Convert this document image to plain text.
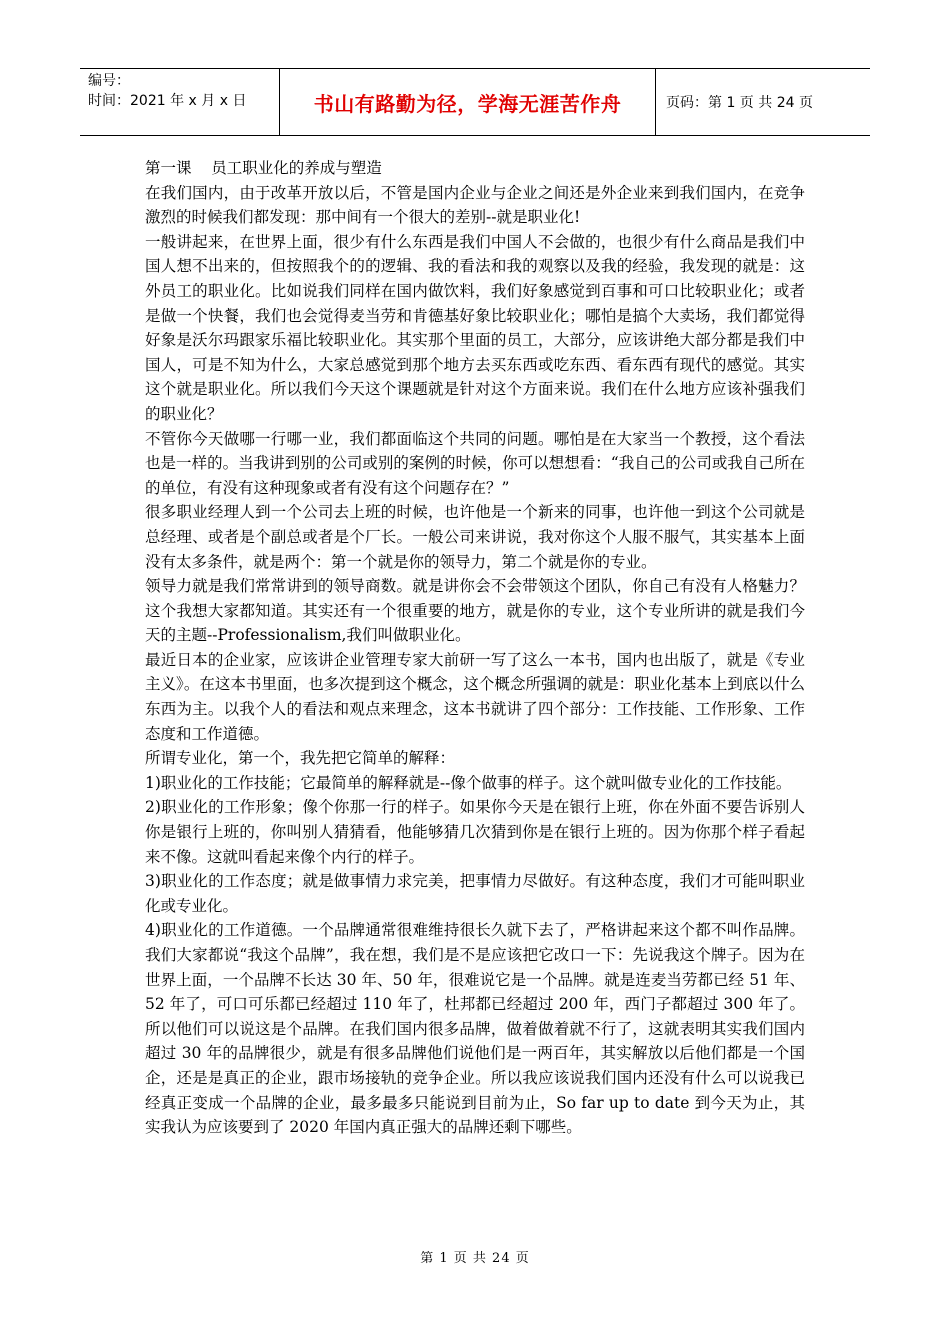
编号：
时间：2021 年 x 月 x 日	书山有路勤为径，学海无涯苦作舟	页码：第 1 页 共 24 页

第一课    员工职业化的养成与塑造

在我们国内，由于改革开放以后，不管是国内企业与企业之间还是外企业来到我们国内，在竞争激烈的时候我们都发现：那中间有一个很大的差别--就是职业化!

一般讲起来，在世界上面，很少有什么东西是我们中国人不会做的，也很少有什么商品是我们中国人想不出来的，但按照我个的的逻辑、我的看法和我的观察以及我的经验，我发现的就是：这外员工的职业化。比如说我们同样在国内做饮料，我们好象感觉到百事和可口比较职业化；或者是做一个快餐，我们也会觉得麦当劳和肯德基好象比较职业化；哪怕是搞个大卖场，我们都觉得好象是沃尔玛跟家乐福比较职业化。其实那个里面的员工，大部分，应该讲绝大部分都是我们中国人，可是不知为什么，大家总感觉到那个地方去买东西或吃东西、看东西有现代的感觉。其实这个就是职业化。所以我们今天这个课题就是针对这个方面来说。我们在什么地方应该补强我们的职业化？

不管你今天做哪一行哪一业，我们都面临这个共同的问题。哪怕是在大家当一个教授，这个看法也是一样的。当我讲到别的公司或别的案例的时候，你可以想想看：“我自己的公司或我自己所在的单位，有没有这种现象或者有没有这个问题存在？”

很多职业经理人到一个公司去上班的时候，也许他是一个新来的同事，也许他一到这个公司就是总经理、或者是个副总或者是个厂长。一般公司来讲说，我对你这个人服不服气，其实基本上面没有太多条件，就是两个：第一个就是你的领导力，第二个就是你的专业。

领导力就是我们常常讲到的领导商数。就是讲你会不会带领这个团队，你自己有没有人格魅力？这个我想大家都知道。其实还有一个很重要的地方，就是你的专业，这个专业所讲的就是我们今天的主题--Professionalism,我们叫做职业化。

最近日本的企业家，应该讲企业管理专家大前研一写了这么一本书，国内也出版了，就是《专业主义》。在这本书里面，也多次提到这个概念，这个概念所强调的就是：职业化基本上到底以什么东西为主。以我个人的看法和观点来理念，这本书就讲了四个部分：工作技能、工作形象、工作态度和工作道德。

所谓专业化，第一个，我先把它简单的解释：

1)职业化的工作技能；它最简单的解释就是--像个做事的样子。这个就叫做专业化的工作技能。

2)职业化的工作形象；像个你那一行的样子。如果你今天是在银行上班，你在外面不要告诉别人你是银行上班的，你叫别人猜猜看，他能够猜几次猜到你是在银行上班的。因为你那个样子看起来不像。这就叫看起来像个内行的样子。

3)职业化的工作态度；就是做事情力求完美，把事情力尽做好。有这种态度，我们才可能叫职业化或专业化。

4)职业化的工作道德。一个品牌通常很难维持很长久就下去了，严格讲起来这个都不叫作品牌。我们大家都说“我这个品牌”，我在想，我们是不是应该把它改口一下：先说我这个牌子。因为在世界上面，一个品牌不长达 30 年、50 年，很难说它是一个品牌。就是连麦当劳都已经 51 年、52 年了，可口可乐都已经超过 110 年了，杜邦都已经超过 200 年，西门子都超过 300 年了。所以他们可以说这是个品牌。在我们国内很多品牌，做着做着就不行了，这就表明其实我们国内超过 30 年的品牌很少，就是有很多品牌他们说他们是一两百年，其实解放以后他们都是一个国企，还是是真正的企业，跟市场接轨的竞争企业。所以我应该说我们国内还没有什么可以说我已经真正变成一个品牌的企业，最多最多只能说到目前为止，So far up to date 到今天为止，其实我认为应该要到了 2020 年国内真正强大的品牌还剩下哪些。

第 1 页 共 24 页
